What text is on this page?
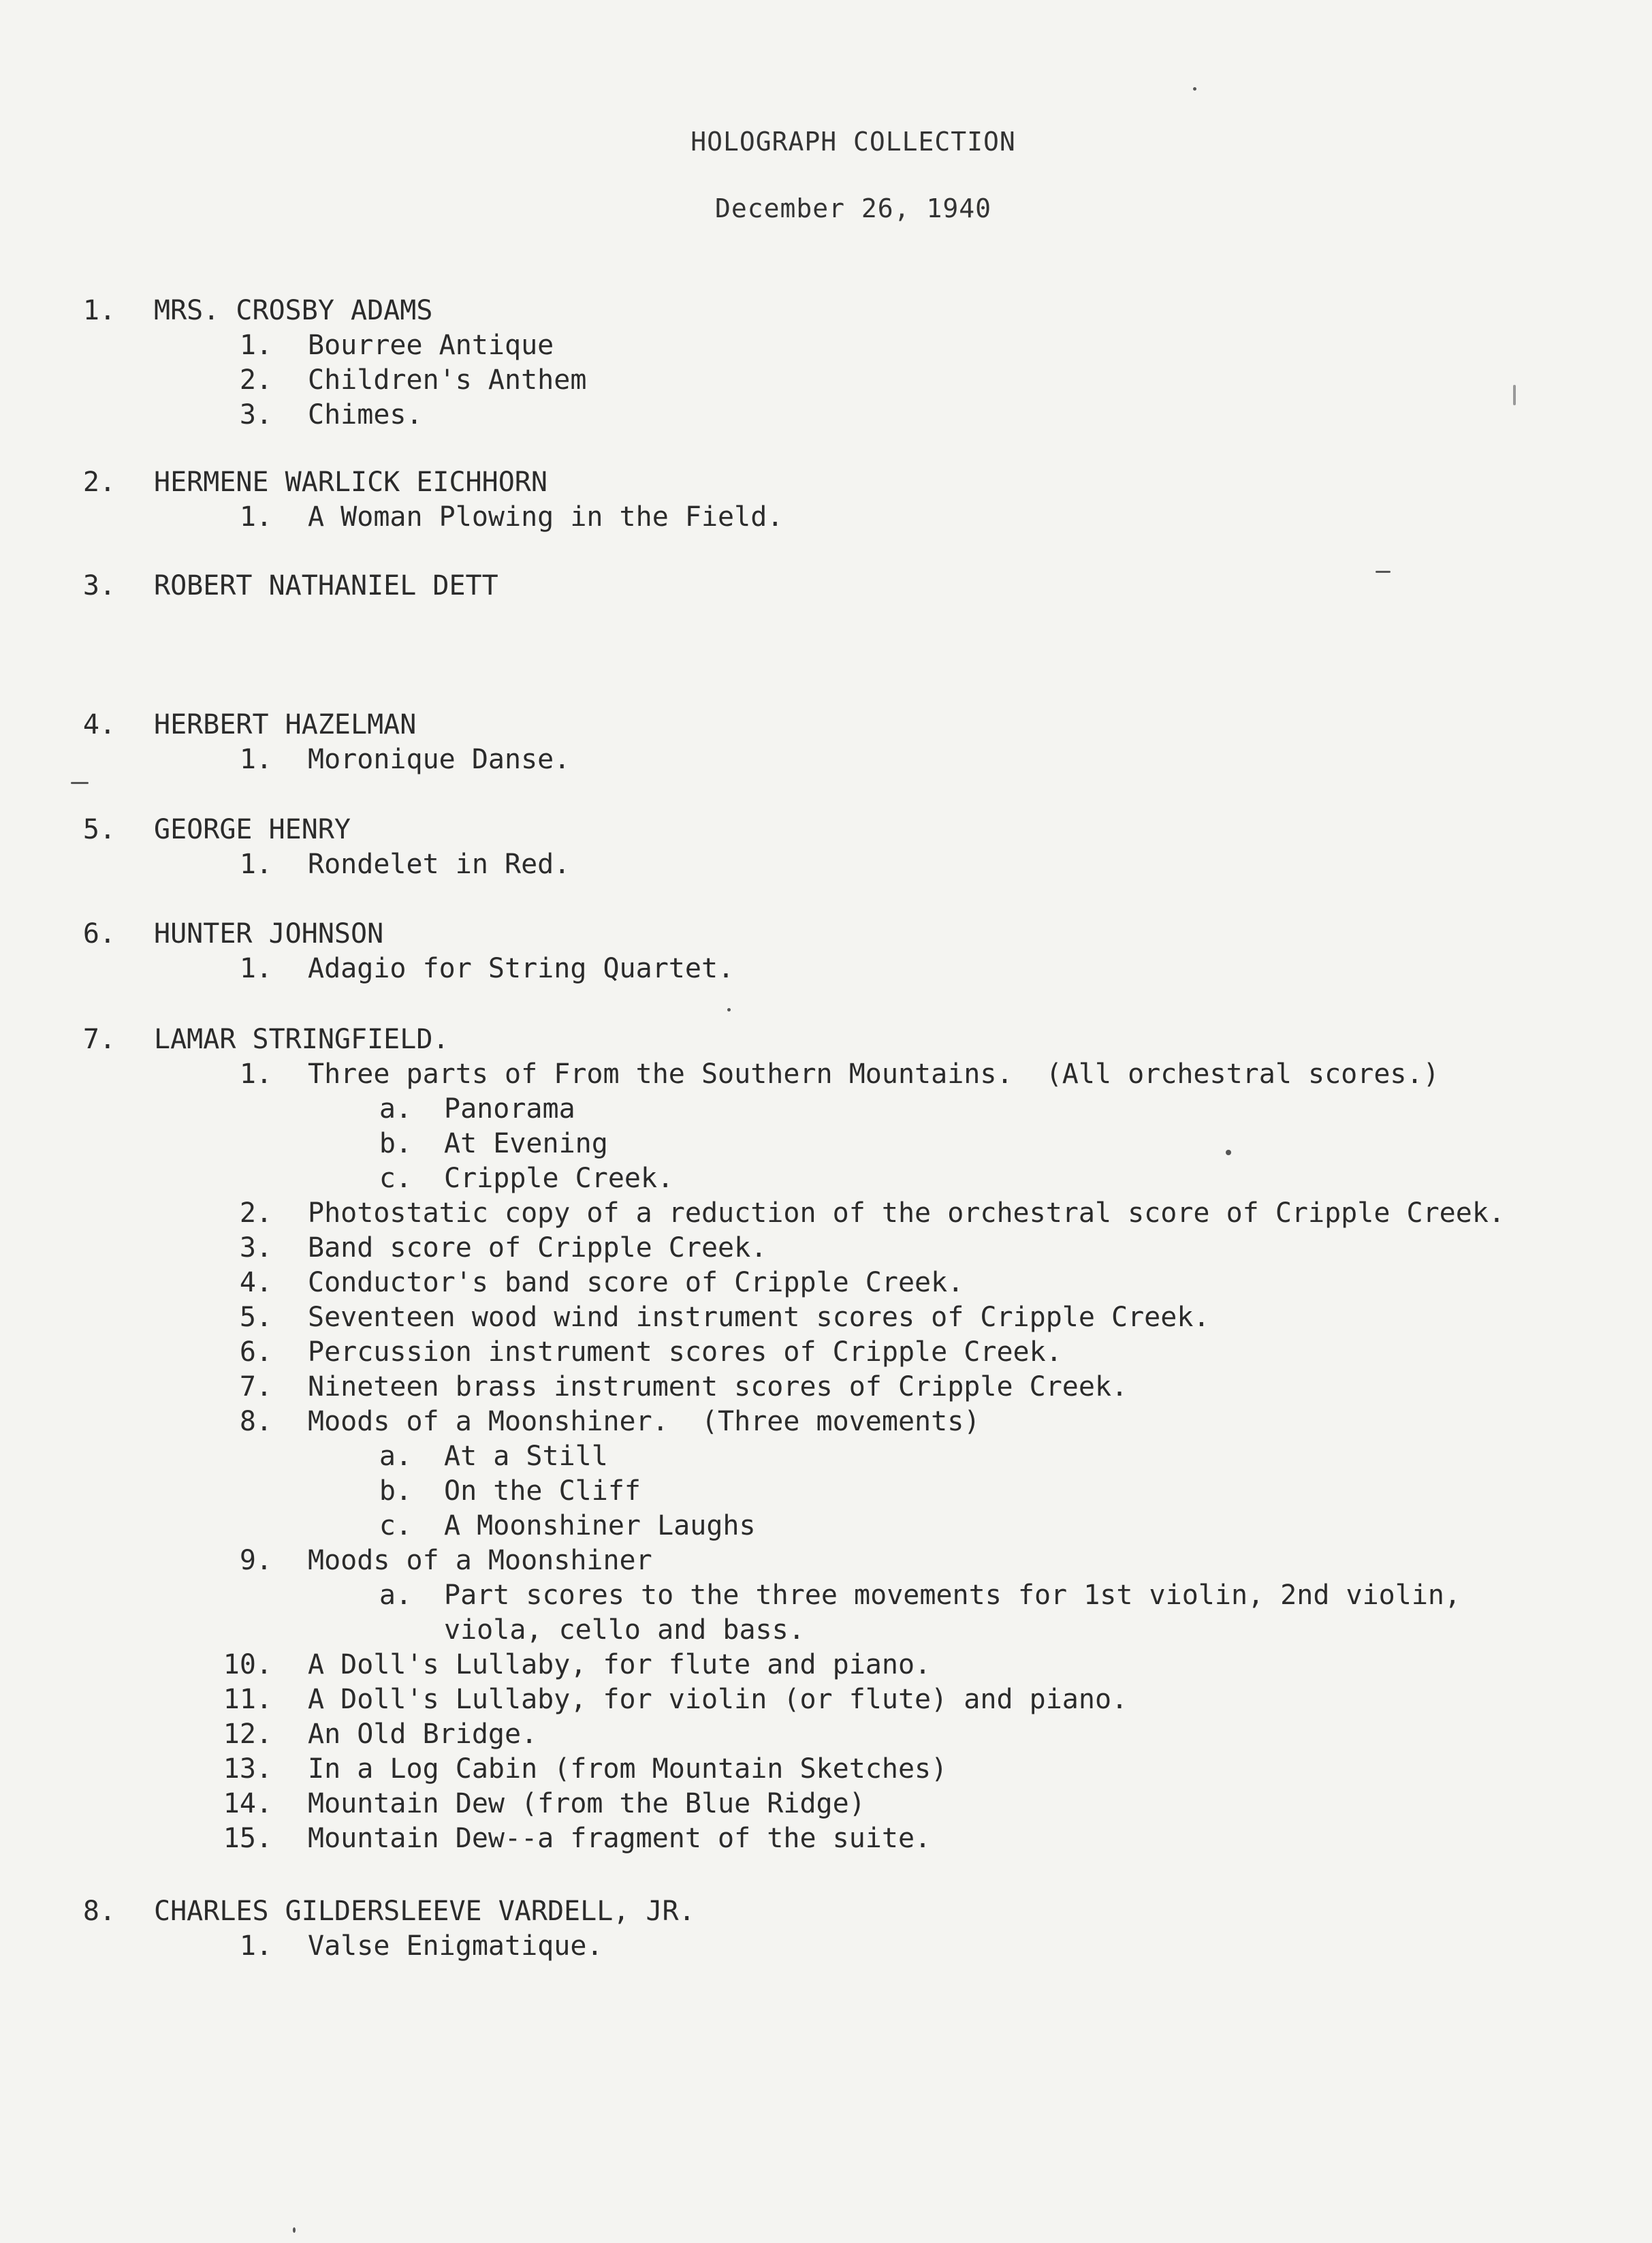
HOLOGRAPH COLLECTION
December 26, 1940
1. MRS. CROSBY ADAMS
1. Bourree Antique
2. Children's Anthem
3. Chimes.
2. HERMENE WARLICK EICHHORN
1. A Woman Plowing in the Field.
3. ROBERT NATHANIEL DETT
4. HERBERT HAZELMAN
1. Moronique Danse.
5. GEORGE HENRY
1. Rondelet in Red.
6. HUNTER JOHNSON
1. Adagio for String Quartet.
7. LAMAR STRINGFIELD.
1. Three parts of From the Southern Mountains.  (All orchestral scores.)
a. Panorama
b. At Evening
c. Cripple Creek.
2. Photostatic copy of a reduction of the orchestral score of Cripple Creek.
3. Band score of Cripple Creek.
4. Conductor's band score of Cripple Creek.
5. Seventeen wood wind instrument scores of Cripple Creek.
6. Percussion instrument scores of Cripple Creek.
7. Nineteen brass instrument scores of Cripple Creek.
8. Moods of a Moonshiner.  (Three movements)
a. At a Still
b. On the Cliff
c. A Moonshiner Laughs
9. Moods of a Moonshiner
a. Part scores to the three movements for 1st violin, 2nd violin,
viola, cello and bass.
10. A Doll's Lullaby, for flute and piano.
11. A Doll's Lullaby, for violin (or flute) and piano.
12. An Old Bridge.
13. In a Log Cabin (from Mountain Sketches)
14. Mountain Dew (from the Blue Ridge)
15. Mountain Dew--a fragment of the suite.
8. CHARLES GILDERSLEEVE VARDELL, JR.
1. Valse Enigmatique.
